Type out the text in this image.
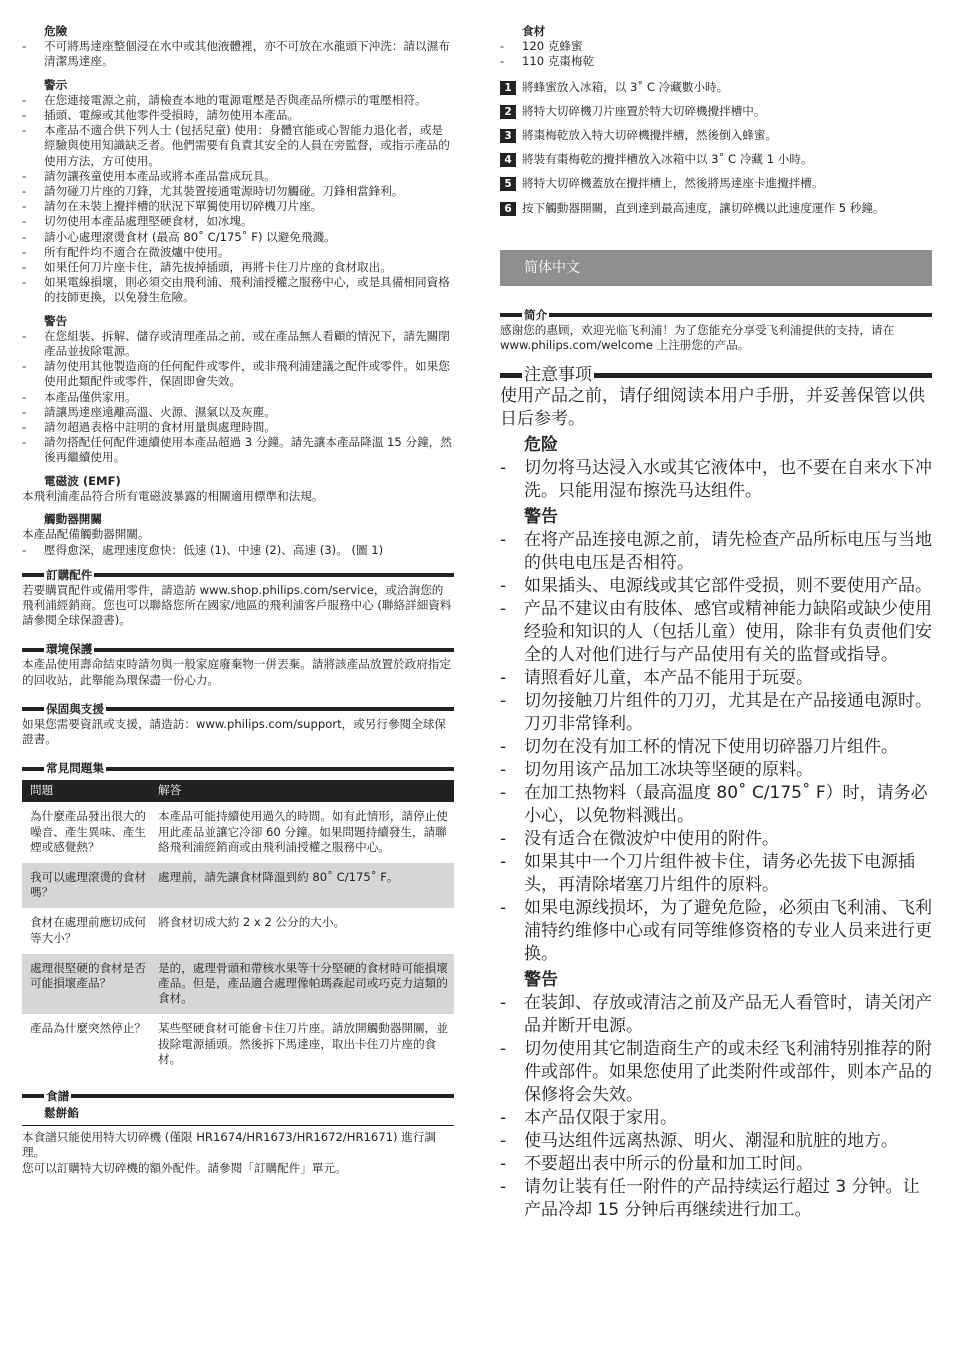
危險
- 不可將馬達座整個浸在水中或其他液體裡，亦不可放在水龍頭下沖洗：請以濕布清潔馬達座。
警示
- 在您連接電源之前，請檢查本地的電源電壓是否與產品所標示的電壓相符。
- 插頭、電線或其他零件受損時，請勿使用本產品。
- 本產品不適合供下列人士 (包括兒童) 使用：身體官能或心智能力退化者，或是經驗與使用知識缺乏者。他們需要有負責其安全的人員在旁監督，或指示產品的使用方法，方可使用。
- 請勿讓孩童使用本產品或將本產品當成玩具。
- 請勿碰刀片座的刀鋒，尤其裝置接通電源時切勿觸碰。刀鋒相當鋒利。
- 請勿在未裝上攪拌槽的狀況下單獨使用切碎機刀片座。
- 切勿使用本產品處理堅硬食材，如冰塊。
- 請小心處理滾燙食材 (最高 80˚ C/175˚ F) 以避免飛濺。
- 所有配件均不適合在微波爐中使用。
- 如果任何刀片座卡住，請先拔掉插頭，再將卡住刀片座的食材取出。
- 如果電線損壞，則必須交由飛利浦、飛利浦授權之服務中心，或是具備相同資格的技師更換，以免發生危險。
警告
- 在您組裝、拆解、儲存或清理產品之前，或在產品無人看顧的情況下，請先關閉產品並拔除電源。
- 請勿使用其他製造商的任何配件或零件，或非飛利浦建議之配件或零件。如果您使用此類配件或零件，保固即會失效。
- 本產品僅供家用。
- 請讓馬達座遠離高溫、火源、濕氣以及灰塵。
- 請勿超過表格中註明的食材用量與處理時間。
- 請勿搭配任何配件連續使用本產品超過 3 分鐘。請先讓本產品降溫 15 分鐘，然後再繼續使用。
電磁波 (EMF)

本飛利浦產品符合所有電磁波暴露的相關適用標準和法規。

觸動器開關

本產品配備觸動器開關。

- 壓得愈深，處理速度愈快：低速 (1)、中速 (2)、高速 (3)。 (圖 1)
訂購配件

若要購買配件或備用零件，請造訪 www.shop.philips.com/service，或洽詢您的飛利浦經銷商。您也可以聯絡您所在國家/地區的飛利浦客戶服務中心 (聯絡詳細資料請參閱全球保證書)。

環境保護

本產品使用壽命結束時請勿與一般家庭廢棄物一併丟棄。請將該產品放置於政府指定的回收站，此舉能為環保盡一份心力。

保固與支援

如果您需要資訊或支援，請造訪：www.philips.com/support，或另行參閱全球保證書。

常見問題集
問題	解答
為什麼產品發出很大的噪音、產生異味、產生煙或感覺熱？	本產品可能持續使用過久的時間。如有此情形，請停止使用此產品並讓它冷卻 60 分鐘。如果問題持續發生，請聯絡飛利浦經銷商或由飛利浦授權之服務中心。
我可以處理滾燙的食材嗎？	處理前，請先讓食材降溫到約 80˚ C/175˚ F。
食材在處理前應切成何等大小？	將食材切成大約 2 x 2 公分的大小。
處理很堅硬的食材是否可能損壞產品？	是的，處理骨頭和帶核水果等十分堅硬的食材時可能損壞產品。但是，產品適合處理像帕瑪森起司或巧克力這類的食材。
產品為什麼突然停止？	某些堅硬食材可能會卡住刀片座。請放開觸動器開關，並拔除電源插頭。然後拆下馬達座，取出卡住刀片座的食材。
食譜
鬆餅餡

本食譜只能使用特大切碎機 (僅限 HR1674/HR1673/HR1672/HR1671) 進行調理。

您可以訂購特大切碎機的額外配件。請參閱「訂購配件」單元。

食材
- 120 克蜂蜜
- 110 克棗梅乾
1 將蜂蜜放入冰箱，以 3˚ C 冷藏數小時。
2 將特大切碎機刀片座置於特大切碎機攪拌槽中。
3 將棗梅乾放入特大切碎機攪拌槽，然後倒入蜂蜜。
4 將裝有棗梅乾的攪拌槽放入冰箱中以 3˚ C 冷藏 1 小時。
5 將特大切碎機蓋放在攪拌槽上，然後將馬達座卡進攪拌槽。
6 按下觸動器開關，直到達到最高速度，讓切碎機以此速度運作 5 秒鐘。
简体中文
简介

感谢您的惠顾，欢迎光临飞利浦！为了您能充分享受飞利浦提供的支持，请在 www.philips.com/welcome 上注册您的产品。

注意事项

使用产品之前，请仔细阅读本用户手册，并妥善保管以供日后参考。

危险
- 切勿将马达浸入水或其它液体中，也不要在自来水下冲洗。只能用湿布擦洗马达组件。
警告
- 在将产品连接电源之前，请先检查产品所标电压与当地的供电电压是否相符。
- 如果插头、电源线或其它部件受损，则不要使用产品。
- 产品不建议由有肢体、感官或精神能力缺陷或缺少使用经验和知识的人（包括儿童）使用，除非有负责他们安全的人对他们进行与产品使用有关的监督或指导。
- 请照看好儿童，本产品不能用于玩耍。
- 切勿接触刀片组件的刀刃，尤其是在产品接通电源时。刀刃非常锋利。
- 切勿在没有加工杯的情况下使用切碎器刀片组件。
- 切勿用该产品加工冰块等坚硬的原料。
- 在加工热物料（最高温度 80˚ C/175˚ F）时，请务必小心，以免物料溅出。
- 没有适合在微波炉中使用的附件。
- 如果其中一个刀片组件被卡住，请务必先拔下电源插头，再清除堵塞刀片组件的原料。
- 如果电源线损坏，为了避免危险，必须由飞利浦、飞利浦特约维修中心或有同等维修资格的专业人员来进行更换。
警告
- 在装卸、存放或清洁之前及产品无人看管时，请关闭产品并断开电源。
- 切勿使用其它制造商生产的或未经飞利浦特别推荐的附件或部件。如果您使用了此类附件或部件，则本产品的保修将会失效。
- 本产品仅限于家用。
- 使马达组件远离热源、明火、潮湿和肮脏的地方。
- 不要超出表中所示的份量和加工时间。
- 请勿让装有任一附件的产品持续运行超过 3 分钟。让产品冷却 15 分钟后再继续进行加工。
